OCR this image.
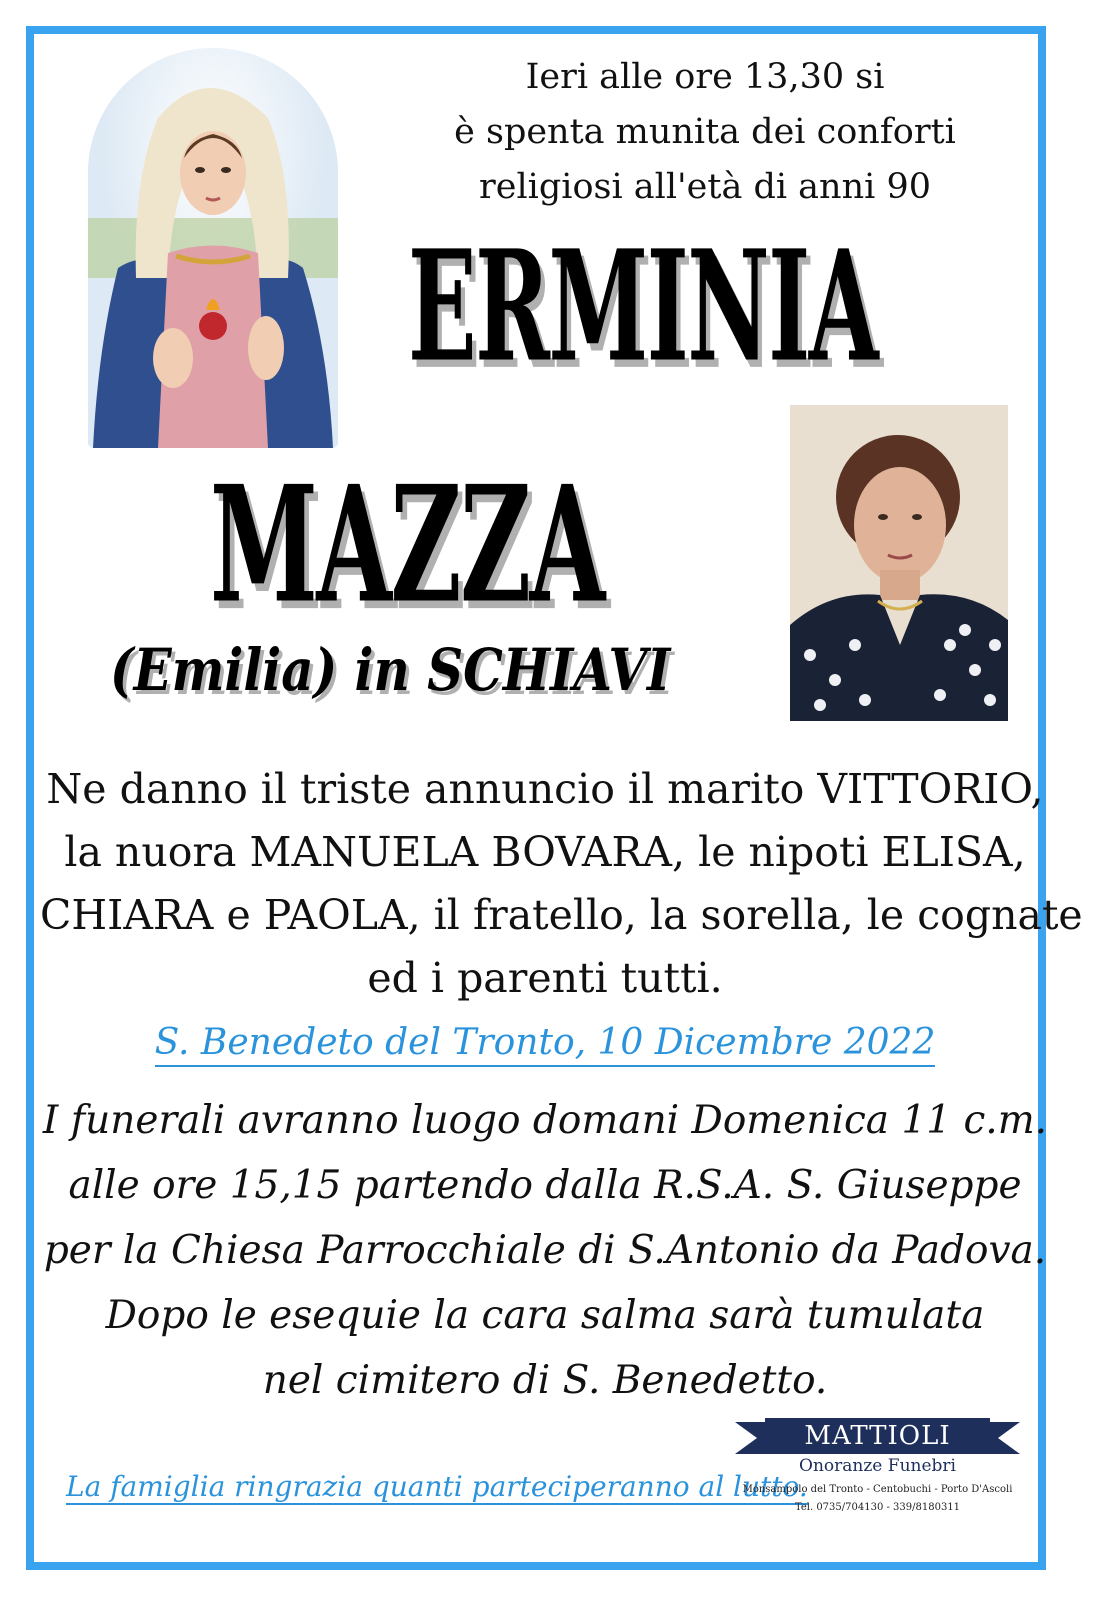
Ieri alle ore 13,30 si
è spenta munita dei conforti
religiosi all'età di anni 90
ERMINIA
MAZZA
(Emilia) in SCHIAVI
Ne danno il triste annuncio il marito VITTORIO,
la nuora MANUELA BOVARA, le nipoti ELISA,
CHIARA e PAOLA, il fratello, la sorella, le cognate
ed i parenti tutti.
S. Benedeto del Tronto, 10 Dicembre 2022
I funerali avranno luogo domani Domenica 11 c.m.
alle ore 15,15 partendo dalla R.S.A. S. Giuseppe
per la Chiesa Parrocchiale di S.Antonio da Padova.
Dopo le esequie la cara salma sarà tumulata
nel cimitero di S. Benedetto.
La famiglia ringrazia quanti parteciperanno al lutto.
MATTIOLI
Onoranze Funebri
Monsampolo del Tronto - Centobuchi - Porto D'Ascoli
Tel. 0735/704130 - 339/8180311
